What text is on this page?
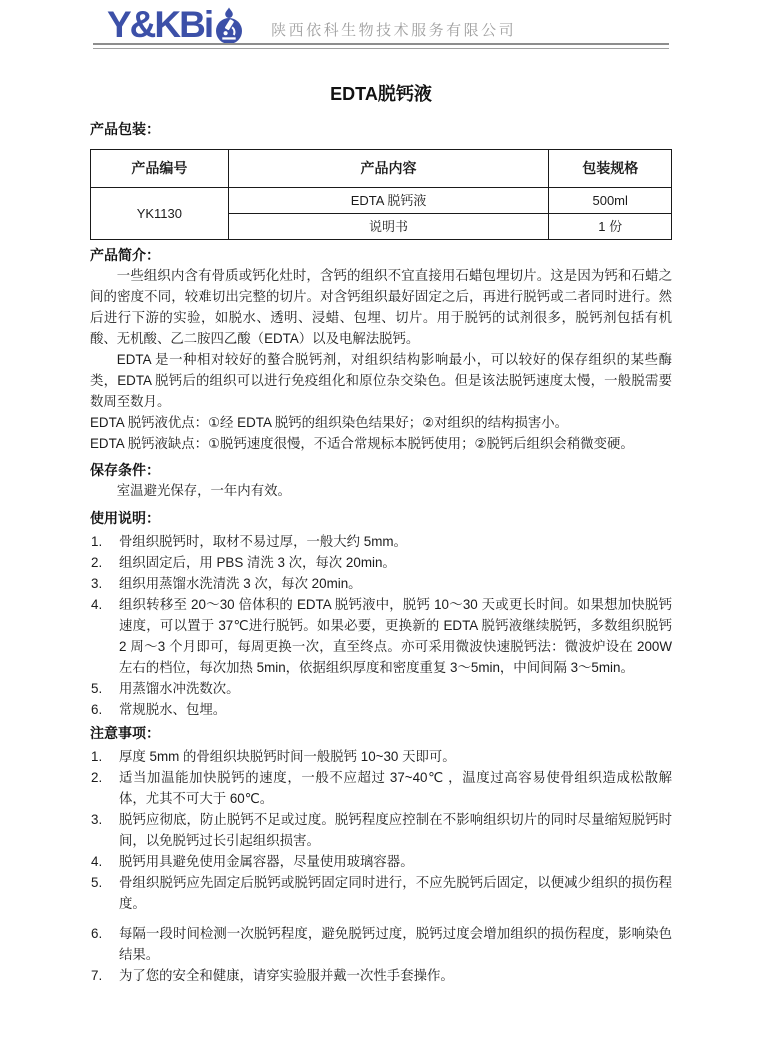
Y&KBi	陕西依科生物技术服务有限公司
EDTA脱钙液
产品包装：
产品编号	产品内容	包装规格
YK1130	EDTA 脱钙液	500ml
	说明书	1 份
产品简介：

一些组织内含有骨质或钙化灶时，含钙的组织不宜直接用石蜡包埋切片。这是因为钙和石蜡之间的密度不同，较难切出完整的切片。对含钙组织最好固定之后，再进行脱钙或二者同时进行。然后进行下游的实验，如脱水、透明、浸蜡、包埋、切片。用于脱钙的试剂很多，脱钙剂包括有机酸、无机酸、乙二胺四乙酸（EDTA）以及电解法脱钙。

EDTA 是一种相对较好的螯合脱钙剂，对组织结构影响最小，可以较好的保存组织的某些酶类，EDTA 脱钙后的组织可以进行免疫组化和原位杂交染色。但是该法脱钙速度太慢，一般脱需要数周至数月。

EDTA 脱钙液优点：①经 EDTA 脱钙的组织染色结果好；②对组织的结构损害小。

EDTA 脱钙液缺点：①脱钙速度很慢，不适合常规标本脱钙使用；②脱钙后组织会稍微变硬。

保存条件：

室温避光保存，一年内有效。

使用说明：
1. 骨组织脱钙时，取材不易过厚，一般大约 5mm。
2. 组织固定后，用 PBS 清洗 3 次，每次 20min。
3. 组织用蒸馏水洗清洗 3 次，每次 20min。
4. 组织转移至 20～30 倍体积的 EDTA 脱钙液中，脱钙 10～30 天或更长时间。如果想加快脱钙速度，可以置于 37℃进行脱钙。如果必要，更换新的 EDTA 脱钙液继续脱钙，多数组织脱钙 2 周～3 个月即可，每周更换一次，直至终点。亦可采用微波快速脱钙法：微波炉设在 200W 左右的档位，每次加热 5min，依据组织厚度和密度重复 3～5min，中间间隔 3～5min。
5. 用蒸馏水冲洗数次。
6. 常规脱水、包埋。
注意事项：
1. 厚度 5mm 的骨组织块脱钙时间一般脱钙 10~30 天即可。
2. 适当加温能加快脱钙的速度，一般不应超过 37~40℃ ，温度过高容易使骨组织造成松散解体，尤其不可大于 60℃。
3. 脱钙应彻底，防止脱钙不足或过度。脱钙程度应控制在不影响组织切片的同时尽量缩短脱钙时间，以免脱钙过长引起组织损害。
4. 脱钙用具避免使用金属容器，尽量使用玻璃容器。
5. 骨组织脱钙应先固定后脱钙或脱钙固定同时进行，不应先脱钙后固定，以便减少组织的损伤程度。
6. 每隔一段时间检测一次脱钙程度，避免脱钙过度，脱钙过度会增加组织的损伤程度，影响染色结果。
7. 为了您的安全和健康，请穿实验服并戴一次性手套操作。
